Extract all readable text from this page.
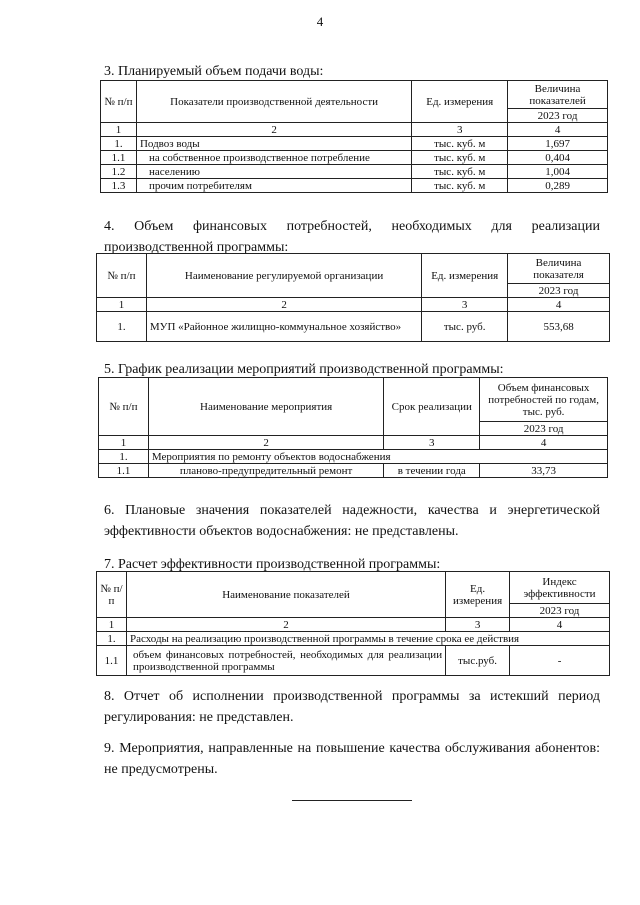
4
3. Планируемый объем подачи воды:
№ п/п	Показатели производственной деятельности	Ед. измерения	Величина показателей
			2023 год
1	2	3	4
1.	Подвоз воды	тыс. куб. м	1,697
1.1	на собственное производственное потребление	тыс. куб. м	0,404
1.2	населению	тыс. куб. м	1,004
1.3	прочим потребителям	тыс. куб. м	0,289

4. Объем финансовых потребностей, необходимых для реализации производственной программы:

№ п/п	Наименование регулируемой организации	Ед. измерения	Величина показателя
			2023 год
1	2	3	4
1.	МУП «Районное жилищно-коммунальное хозяйство»	тыс. руб.	553,68
5. График реализации мероприятий производственной программы:
№ п/п	Наименование мероприятия	Срок реализации	Объем финансовых потребностей по годам, тыс. руб.
			2023 год
1	2	3	4
1.	Мероприятия по ремонту объектов водоснабжения		
1.1	планово-предупредительный ремонт	в течении года	33,73

6. Плановые значения показателей надежности, качества и энергетической эффективности объектов водоснабжения: не представлены.

7. Расчет эффективности производственной программы:
№ п/п	Наименование показателей	Ед. измерения	Индекс эффективности
			2023 год
1	2	3	4
1.	Расходы на реализацию производственной программы в течение срока ее действия		
1.1	объем финансовых потребностей, необходимых для реализации производственной программы	тыс.руб.	-

8. Отчет об исполнении производственной программы за истекший период регулирования: не представлен.

9. Мероприятия, направленные на повышение качества обслуживания абонентов: не предусмотрены.
